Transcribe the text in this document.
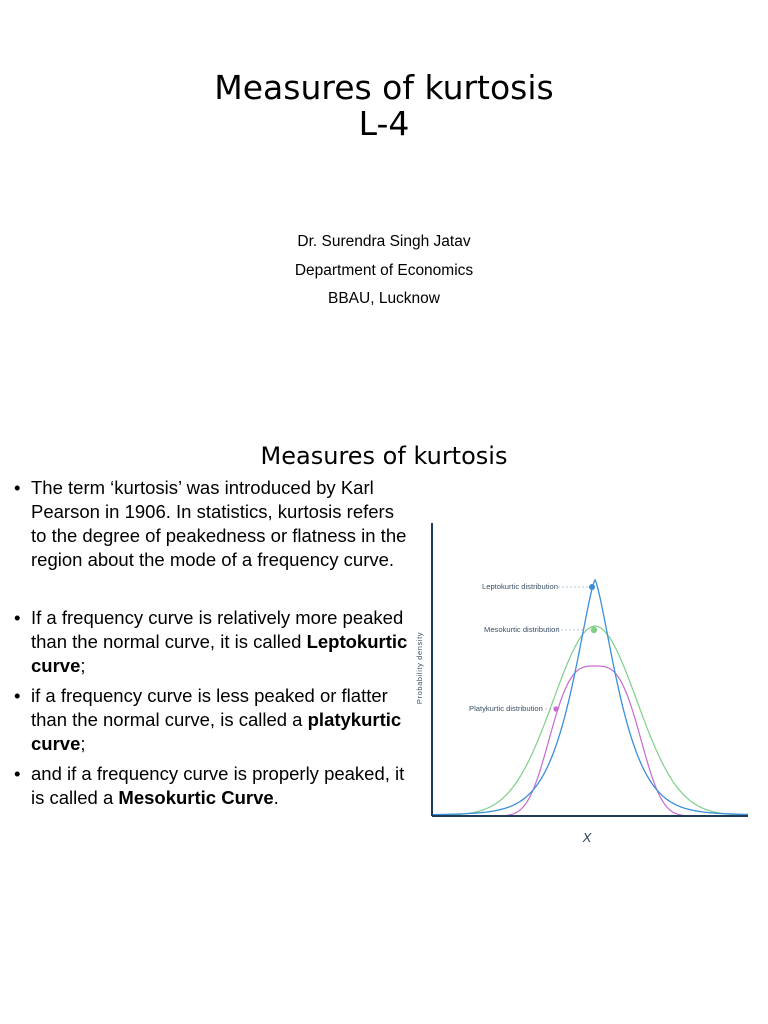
Measures of kurtosis
L-4
Dr. Surendra Singh Jatav
Department of Economics
BBAU, Lucknow
Measures of kurtosis
• The term ‘kurtosis’ was introduced by Karl Pearson in 1906. In statistics, kurtosis refers to the degree of peakedness or flatness in the region about the mode of a frequency curve.
• If a frequency curve is relatively more peaked than the normal curve, it is called Leptokurtic curve;
• if a frequency curve is less peaked or flatter than the normal curve, is called a platykurtic curve;
• and if a frequency curve is properly peaked, it is called a Mesokurtic Curve.
Probability density
X
Leptokurtic distribution
Mesokurtic distribution
Platykurtic distribution
